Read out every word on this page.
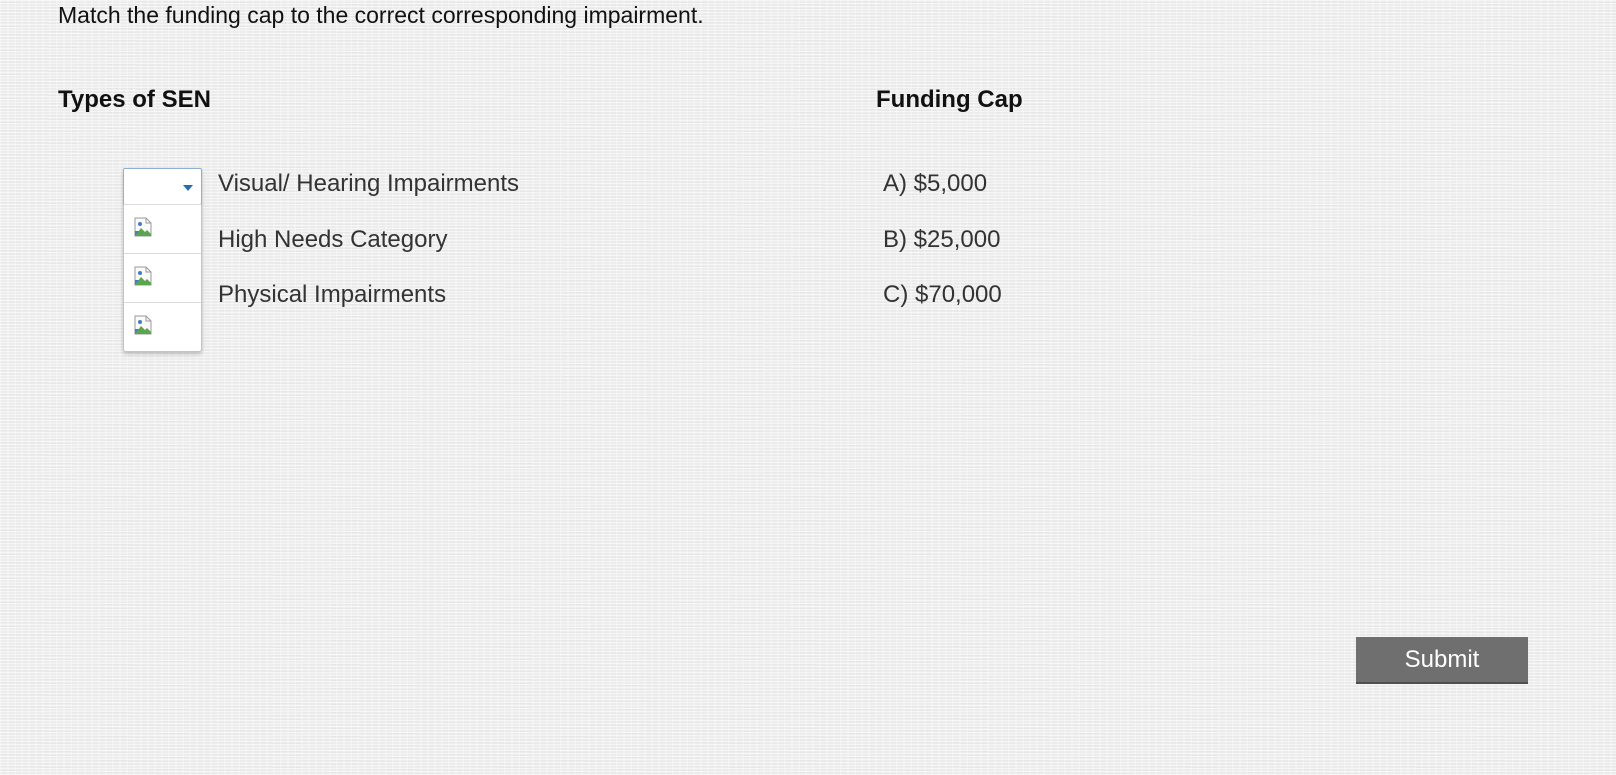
Match the funding cap to the correct corresponding impairment.
Types of SEN	Funding Cap
Visual/ Hearing Impairments
High Needs Category
Physical Impairments
A) $5,000
B) $25,000
C) $70,000
Submit
